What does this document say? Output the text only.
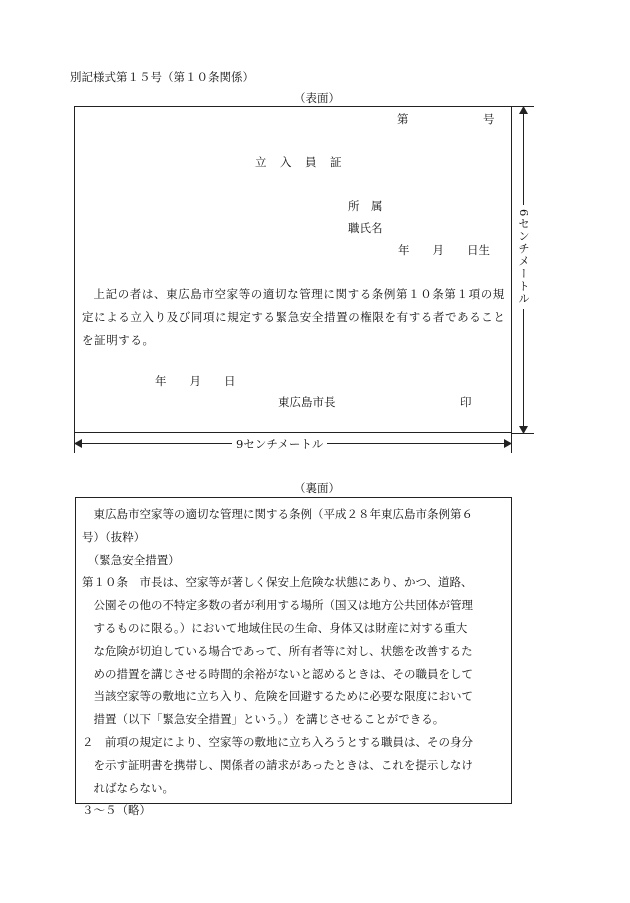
別記様式第１５号（第１０条関係）
（表面）
第	号
立　入　員　証
所　属
職氏名
年　　月　　日生
上記の者は、東広島市空家等の適切な管理に関する条例第１０条第１項の規定による立入り及び同項に規定する緊急安全措置の権限を有する者であることを証明する。
年　　月　　日
東広島市長	印
6センチメートル
9センチメートル
（裏面）

　東広島市空家等の適切な管理に関する条例（平成２８年東広島市条例第６

号）（抜粋）

　（緊急安全措置）

第１０条　市長は、空家等が著しく保安上危険な状態にあり、かつ、道路、

　公園その他の不特定多数の者が利用する場所（国又は地方公共団体が管理

　するものに限る。）において地域住民の生命、身体又は財産に対する重大

　な危険が切迫している場合であって、所有者等に対し、状態を改善するた

　めの措置を講じさせる時間的余裕がないと認めるときは、その職員をして

　当該空家等の敷地に立ち入り、危険を回避するために必要な限度において

　措置（以下「緊急安全措置」という。）を講じさせることができる。

２　前項の規定により、空家等の敷地に立ち入ろうとする職員は、その身分

　を示す証明書を携帯し、関係者の請求があったときは、これを提示しなけ

　ればならない。

３～５（略）
